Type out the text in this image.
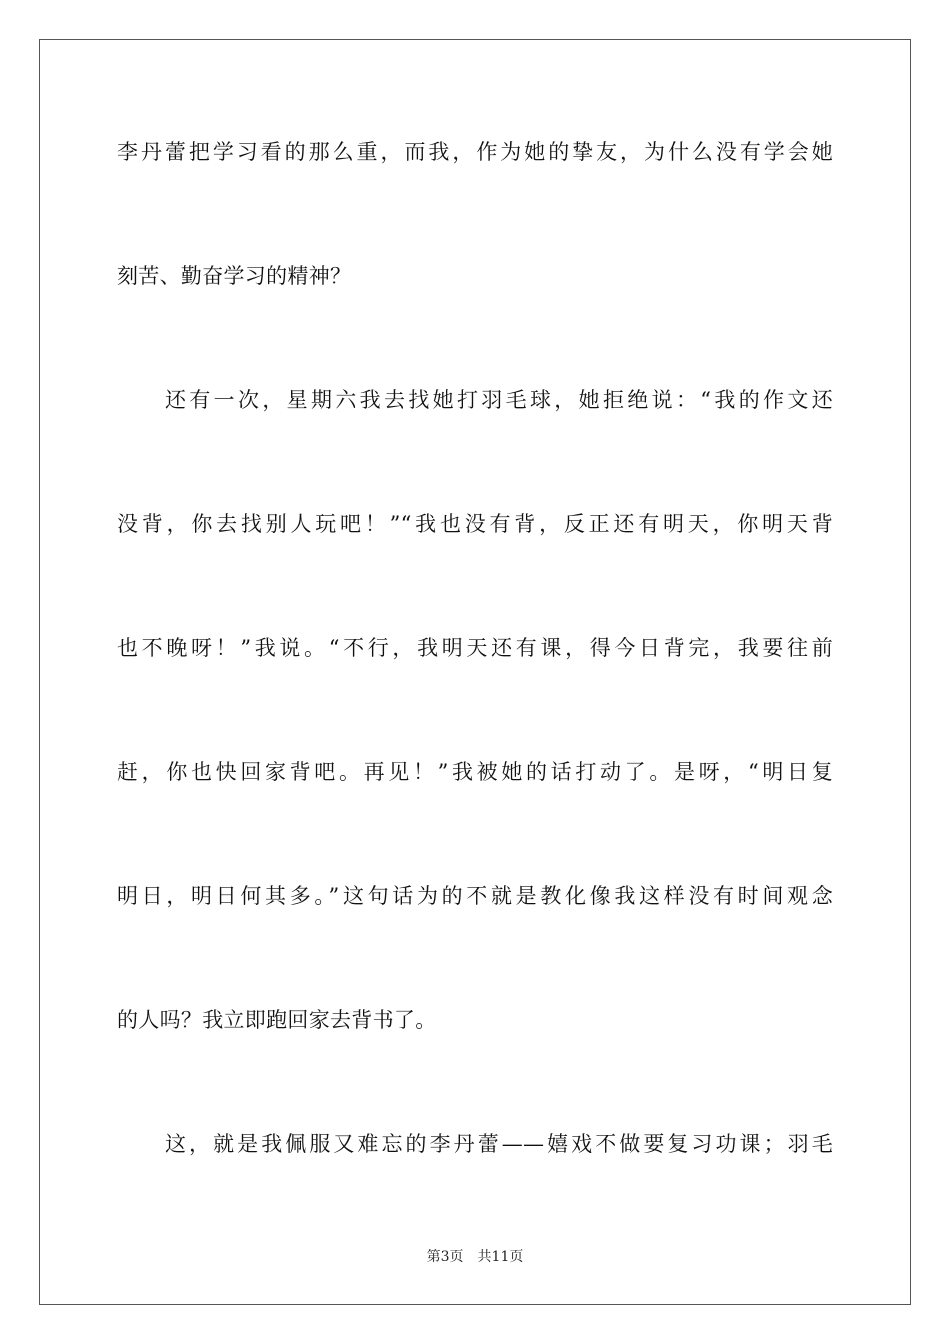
李丹蕾把学习看的那么重，而我，作为她的挚友，为什么没有学会她
刻苦、勤奋学习的精神？
还有一次，星期六我去找她打羽毛球，她拒绝说：“我的作文还
没背，你去找别人玩吧！”“我也没有背，反正还有明天，你明天背
也不晚呀！”我说。“不行，我明天还有课，得今日背完，我要往前
赶，你也快回家背吧。再见！”我被她的话打动了。是呀，“明日复
明日，明日何其多。”这句话为的不就是教化像我这样没有时间观念
的人吗？我立即跑回家去背书了。
这，就是我佩服又难忘的李丹蕾——嬉戏不做要复习功课；羽毛
第3页 共11页
